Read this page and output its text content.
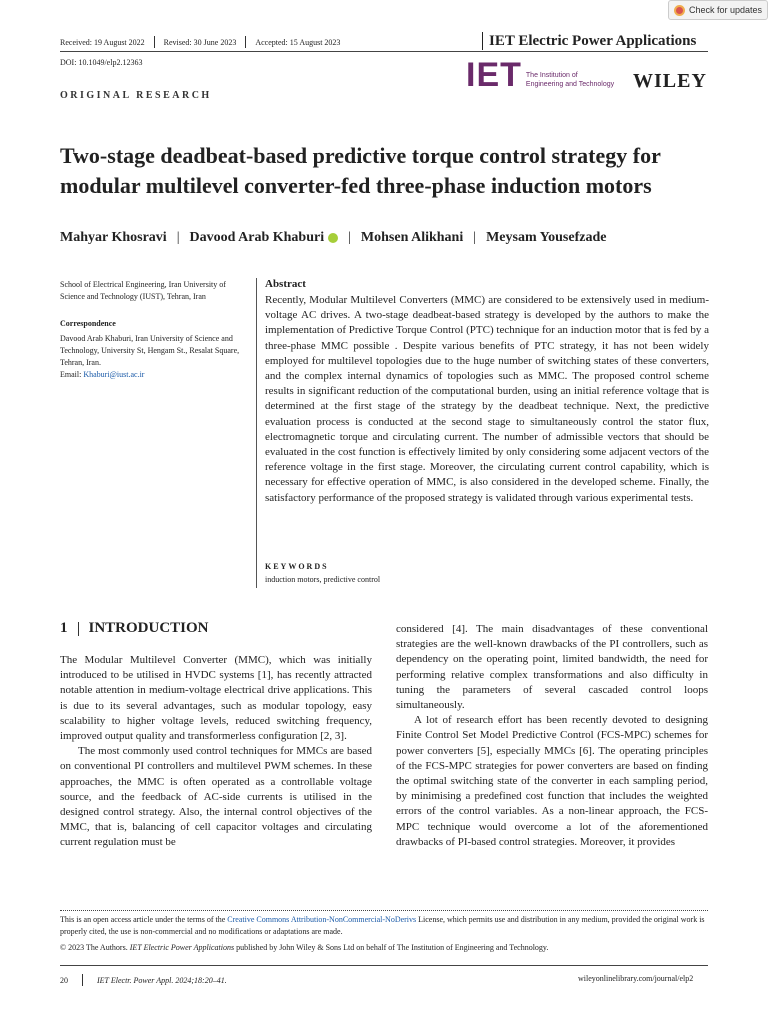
Check for updates
Received: 19 August 2022 Revised: 30 June 2023 Accepted: 15 August 2023	IET Electric Power Applications
DOI: 10.1049/elp2.12363	IET The Institution of
Engineering and Technology WILEY
ORIGINAL RESEARCH
Two-stage deadbeat-based predictive torque control strategy for modular multilevel converter-fed three-phase induction motors
Mahyar Khosravi | Davood Arab Khaburi | Mohsen Alikhani | Meysam Yousefzade
School of Electrical Engineering, Iran University of Science and Technology (IUST), Tehran, Iran
Correspondence
Davood Arab Khaburi, Iran University of Science and Technology, University St, Hengam St., Resalat Square, Tehran, Iran.
Email: Khaburi@iust.ac.ir
Abstract
Recently, Modular Multilevel Converters (MMC) are considered to be extensively used in medium-voltage AC drives. A two-stage deadbeat-based strategy is developed by the authors to make the implementation of Predictive Torque Control (PTC) technique for an induction motor that is fed by a three-phase MMC possible . Despite various benefits of PTC strategy, it has not been widely employed for multilevel topologies due to the huge number of switching states of these converters, and the complex internal dynamics of topologies such as MMC. The proposed control scheme results in significant reduction of the computational burden, using an initial reference voltage that is determined at the first stage of the strategy by the deadbeat technique. Next, the predictive evaluation process is conducted at the second stage to simultaneously control the stator flux, electromagnetic torque and circulating current. The number of admissible vectors that should be evaluated in the cost function is effectively limited by only considering some adjacent vectors of the reference voltage in the first stage. Moreover, the circulating current control capability, which is necessary for effective operation of MMC, is also considered in the developed scheme. Finally, the satisfactory performance of the proposed strategy is validated through various experimental tests.
KEYWORDS
induction motors, predictive control
1 INTRODUCTION
The Modular Multilevel Converter (MMC), which was initially introduced to be utilised in HVDC systems [1], has recently attracted notable attention in medium-voltage electrical drive applications. This is due to its several advantages, such as modular topology, easy scalability to higher voltage levels, reduced switching frequency, improved output quality and transformerless configuration [2, 3].
The most commonly used control techniques for MMCs are based on conventional PI controllers and multilevel PWM schemes. In these approaches, the MMC is often operated as a controllable voltage source, and the feedback of AC-side currents is utilised in the designed control strategy. Also, the internal control objectives of the MMC, that is, balancing of cell capacitor voltages and circulating current regulation must be
considered [4]. The main disadvantages of these conventional strategies are the well-known drawbacks of the PI controllers, such as dependency on the operating point, limited bandwidth, the need for performing relative complex transformations and also difficulty in tuning the parameters of several cascaded control loops simultaneously.
A lot of research effort has been recently devoted to designing Finite Control Set Model Predictive Control (FCS-MPC) schemes for power converters [5], especially MMCs [6]. The operating principles of the FCS-MPC strategies for power converters are based on finding the optimal switching state of the converter in each sampling period, by minimising a predefined cost function that includes the weighted errors of the control variables. As a non-linear approach, the FCS-MPC technique would overcome a lot of the aforementioned drawbacks of PI-based control strategies. Moreover, it provides
This is an open access article under the terms of the Creative Commons Attribution-NonCommercial-NoDerivs License, which permits use and distribution in any medium, provided the original work is properly cited, the use is non-commercial and no modifications or adaptations are made.
© 2023 The Authors. IET Electric Power Applications published by John Wiley & Sons Ltd on behalf of The Institution of Engineering and Technology.
20	IET Electr. Power Appl. 2024;18:20–41.	wileyonlinelibrary.com/journal/elp2
